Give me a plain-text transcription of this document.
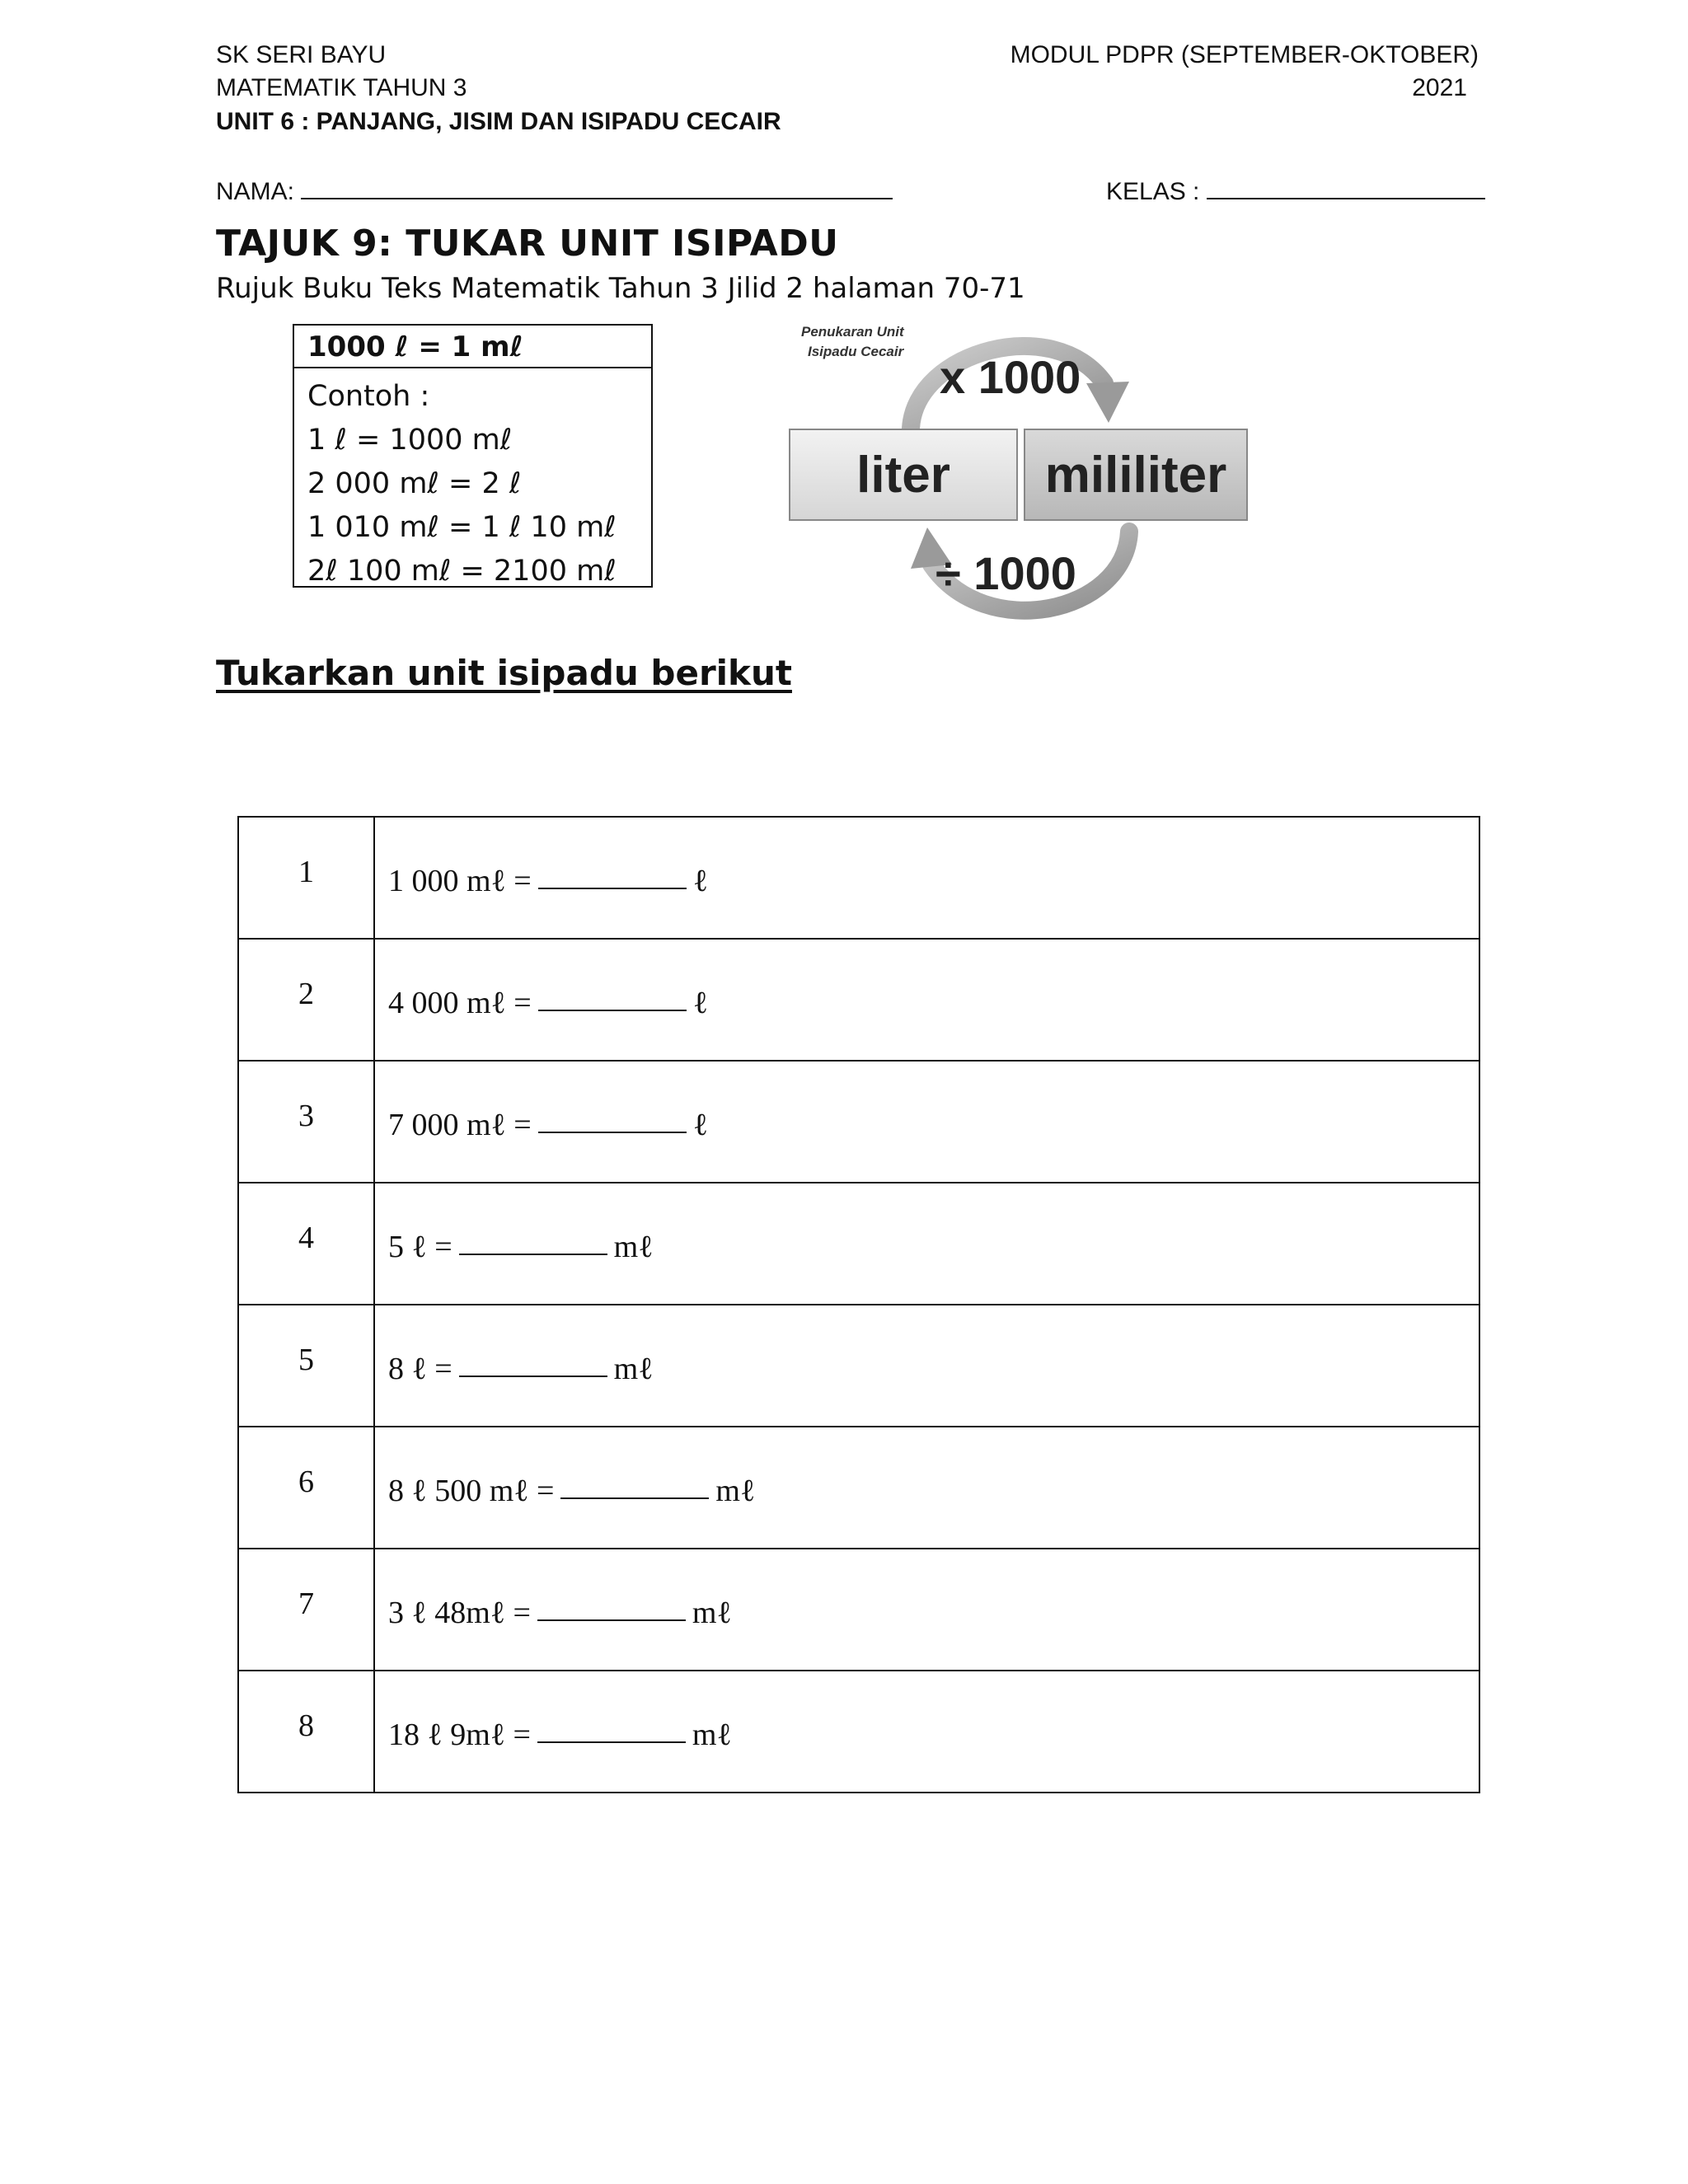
SK SERI BAYU
MATEMATIK TAHUN 3
UNIT 6 : PANJANG, JISIM DAN ISIPADU CECAIR
MODUL PDPR (SEPTEMBER-OKTOBER)
2021
NAMA:	KELAS :
TAJUK 9: TUKAR UNIT ISIPADU
Rujuk Buku Teks Matematik Tahun 3 Jilid 2 halaman 70-71
1000 ℓ = 1 mℓ
Contoh :
1 ℓ = 1000 mℓ
2 000 mℓ = 2 ℓ
1 010 mℓ = 1 ℓ 10 mℓ
2ℓ 100 mℓ = 2100 mℓ
Penukaran Unit
Isipadu Cecair x 1000
liter	mililiter
÷ 1000
Tukarkan unit isipadu berikut
1	1 000 mℓ = ℓ
2	4 000 mℓ = ℓ
3	7 000 mℓ = ℓ
4	5 ℓ = mℓ
5	8 ℓ = mℓ
6	8 ℓ 500 mℓ = mℓ
7	3 ℓ 48mℓ = mℓ
8	18 ℓ 9mℓ = mℓ
